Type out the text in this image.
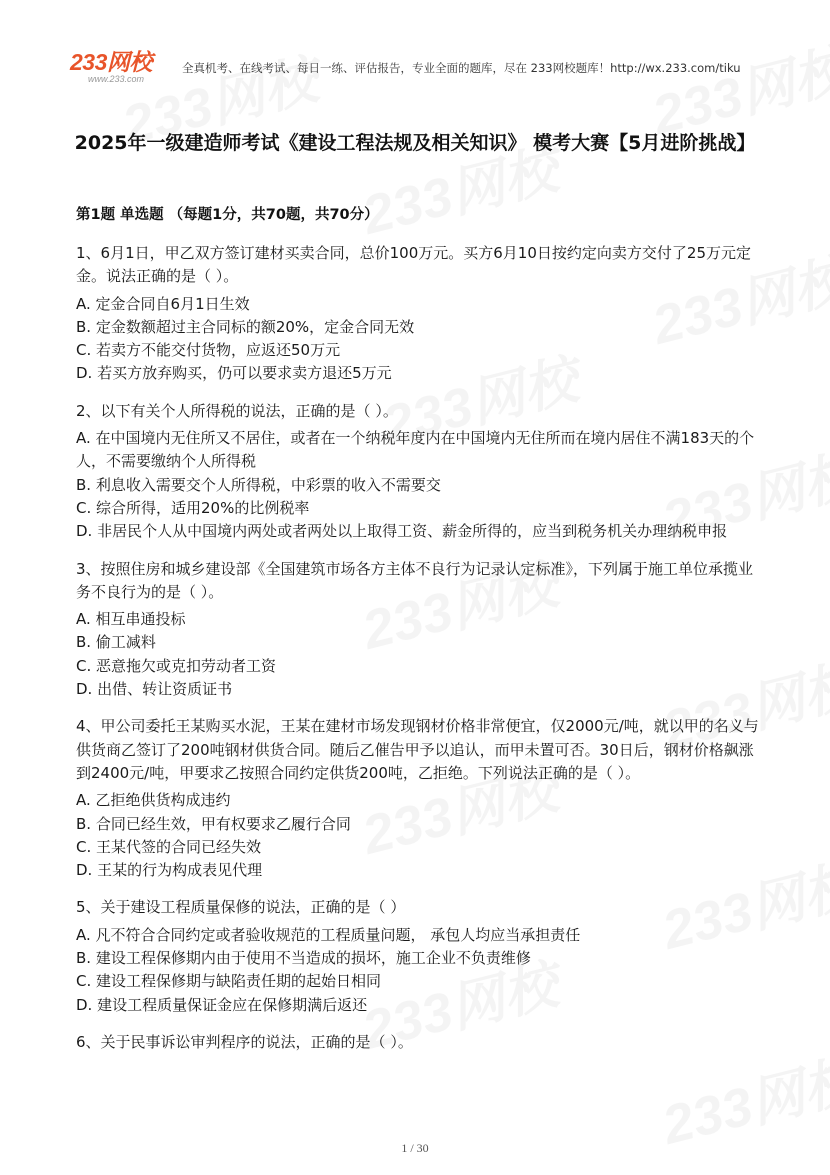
233网校
www.233.com
全真机考、在线考试、每日一练、评估报告，专业全面的题库，尽在 233网校题库！http://wx.233.com/tiku
2025年一级建造师考试《建设工程法规及相关知识》 模考大赛【5月进阶挑战】
第1题 单选题 （每题1分，共70题，共70分）

1、6月1日，甲乙双方签订建材买卖合同，总价100万元。买方6月10日按约定向卖方交付了25万元定金。说法正确的是（ ）。

A. 定金合同自6月1日生效

B. 定金数额超过主合同标的额20%，定金合同无效

C. 若卖方不能交付货物，应返还50万元

D. 若买方放弃购买，仍可以要求卖方退还5万元

2、以下有关个人所得税的说法，正确的是（ ）。

A. 在中国境内无住所又不居住，或者在一个纳税年度内在中国境内无住所而在境内居住不满183天的个人，不需要缴纳个人所得税

B. 利息收入需要交个人所得税，中彩票的收入不需要交

C. 综合所得，适用20%的比例税率

D. 非居民个人从中国境内两处或者两处以上取得工资、薪金所得的，应当到税务机关办理纳税申报

3、按照住房和城乡建设部《全国建筑市场各方主体不良行为记录认定标准》，下列属于施工单位承揽业务不良行为的是（ ）。

A. 相互串通投标

B. 偷工减料

C. 恶意拖欠或克扣劳动者工资

D. 出借、转让资质证书

4、甲公司委托王某购买水泥，王某在建材市场发现钢材价格非常便宜，仅2000元/吨，就以甲的名义与供货商乙签订了200吨钢材供货合同。随后乙催告甲予以追认，而甲未置可否。30日后，钢材价格飙涨到2400元/吨，甲要求乙按照合同约定供货200吨，乙拒绝。下列说法正确的是（ ）。

A. 乙拒绝供货构成违约

B. 合同已经生效，甲有权要求乙履行合同

C. 王某代签的合同已经失效

D. 王某的行为构成表见代理

5、关于建设工程质量保修的说法，正确的是（ ）

A. 凡不符合合同约定或者验收规范的工程质量问题， 承包人均应当承担责任

B. 建设工程保修期内由于使用不当造成的损坏，施工企业不负责维修

C. 建设工程保修期与缺陷责任期的起始日相同

D. 建设工程质量保证金应在保修期满后返还

6、关于民事诉讼审判程序的说法，正确的是（ ）。

1 / 30
